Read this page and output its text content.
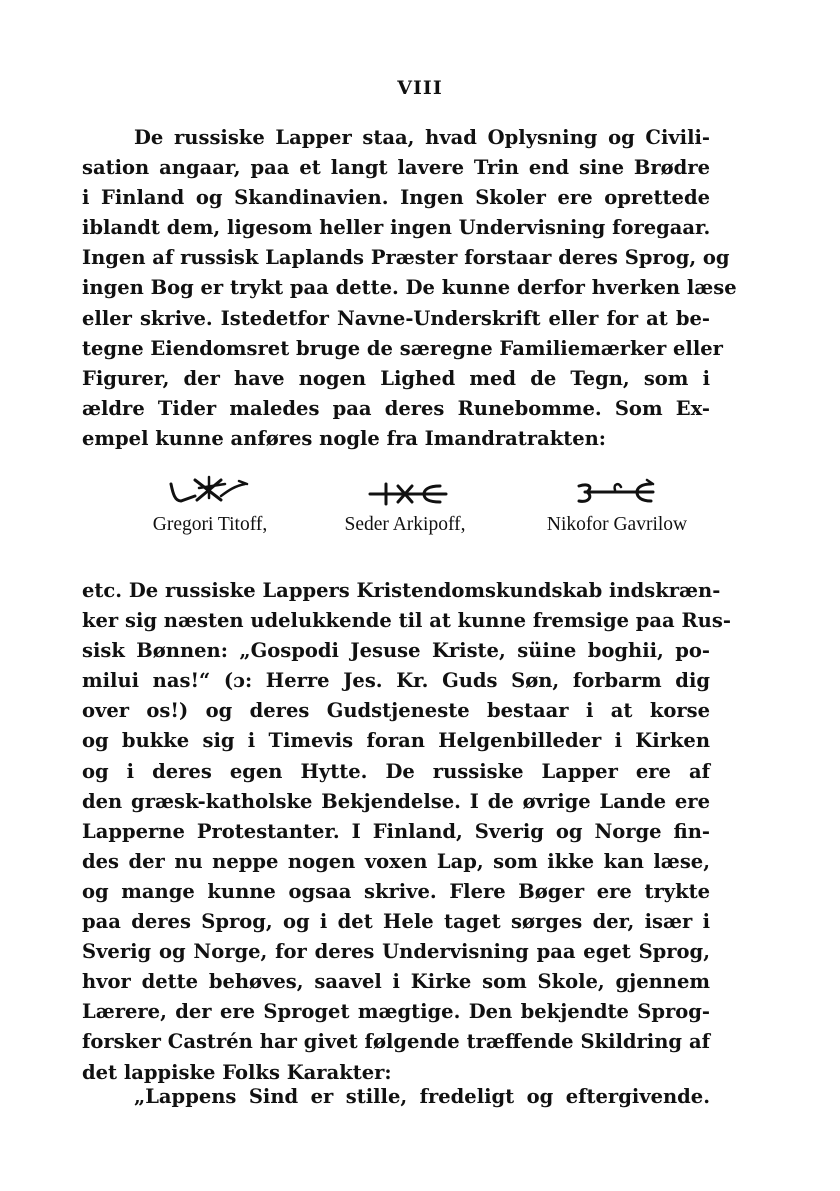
VIII
De russiske Lapper staa, hvad Oplysning og Civili-
sation angaar, paa et langt lavere Trin end sine Brødre
i Finland og Skandinavien. Ingen Skoler ere oprettede
iblandt dem, ligesom heller ingen Undervisning foregaar.
Ingen af russisk Laplands Præster forstaar deres Sprog, og
ingen Bog er trykt paa dette. De kunne derfor hverken læse
eller skrive. Istedetfor Navne-Underskrift eller for at be-
tegne Eiendomsret bruge de særegne Familiemærker eller
Figurer, der have nogen Lighed med de Tegn, som i
ældre Tider maledes paa deres Runebomme. Som Ex-
empel kunne anføres nogle fra Imandratrakten:
Gregori Titoff,	Seder Arkipoff,	Nikofor Gavrilow
etc. De russiske Lappers Kristendomskundskab indskræn-
ker sig næsten udelukkende til at kunne fremsige paa Rus-
sisk Bønnen: „Gospodi Jesuse Kriste, süine boghii, po-
milui nas!“ (ɔ: Herre Jes. Kr. Guds Søn, forbarm dig
over os!) og deres Gudstjeneste bestaar i at korse
og bukke sig i Timevis foran Helgenbilleder i Kirken
og i deres egen Hytte. De russiske Lapper ere af
den græsk-katholske Bekjendelse. I de øvrige Lande ere
Lapperne Protestanter. I Finland, Sverig og Norge fin-
des der nu neppe nogen voxen Lap, som ikke kan læse,
og mange kunne ogsaa skrive. Flere Bøger ere trykte
paa deres Sprog, og i det Hele taget sørges der, især i
Sverig og Norge, for deres Undervisning paa eget Sprog,
hvor dette behøves, saavel i Kirke som Skole, gjennem
Lærere, der ere Sproget mægtige. Den bekjendte Sprog-
forsker Castrén har givet følgende træffende Skildring af
det lappiske Folks Karakter:
„Lappens Sind er stille, fredeligt og eftergivende.
